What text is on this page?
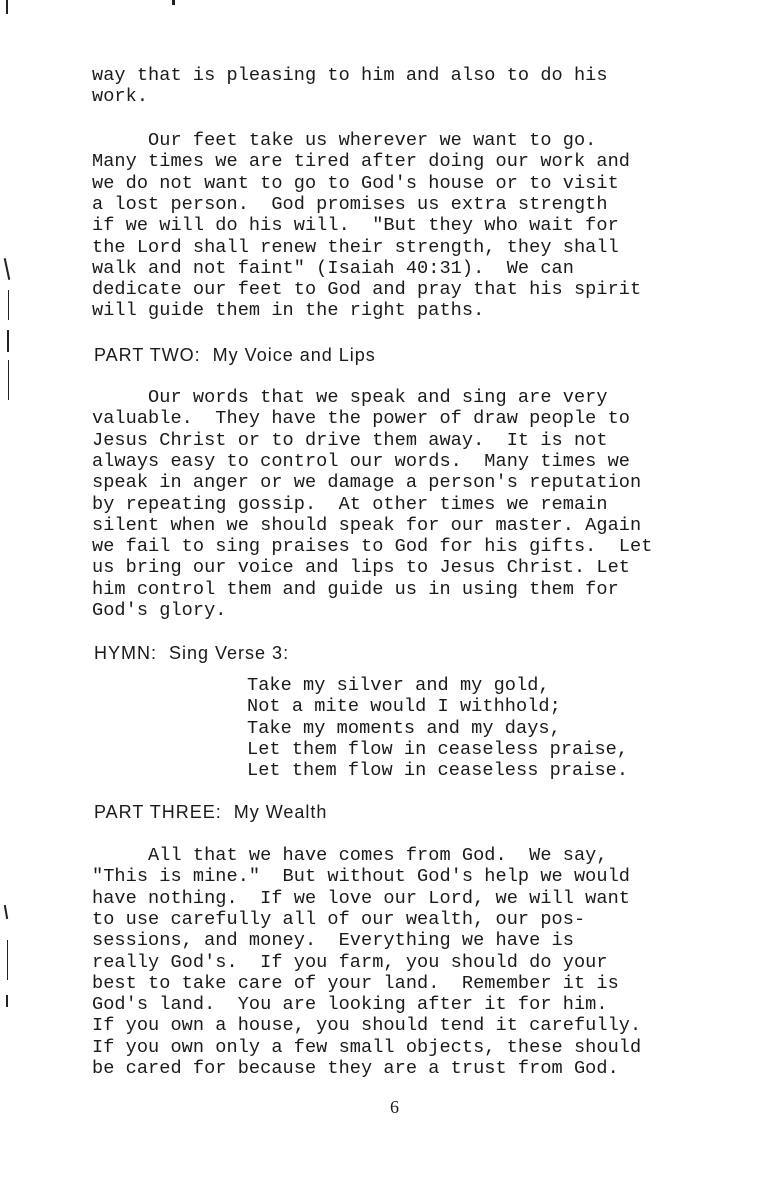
way that is pleasing to him and also to do his
work.
Our feet take us wherever we want to go.
Many times we are tired after doing our work and
we do not want to go to God's house or to visit
a lost person.  God promises us extra strength
if we will do his will.  "But they who wait for
the Lord shall renew their strength, they shall
walk and not faint" (Isaiah 40:31).  We can
dedicate our feet to God and pray that his spirit
will guide them in the right paths.
PART TWO:  My Voice and Lips
Our words that we speak and sing are very
valuable.  They have the power of draw people to
Jesus Christ or to drive them away.  It is not
always easy to control our words.  Many times we
speak in anger or we damage a person's reputation
by repeating gossip.  At other times we remain
silent when we should speak for our master. Again
we fail to sing praises to God for his gifts.  Let
us bring our voice and lips to Jesus Christ. Let
him control them and guide us in using them for
God's glory.
HYMN:  Sing Verse 3:
Take my silver and my gold,
Not a mite would I withhold;
Take my moments and my days,
Let them flow in ceaseless praise,
Let them flow in ceaseless praise.
PART THREE:  My Wealth
All that we have comes from God.  We say,
"This is mine."  But without God's help we would
have nothing.  If we love our Lord, we will want
to use carefully all of our wealth, our pos-
sessions, and money.  Everything we have is
really God's.  If you farm, you should do your
best to take care of your land.  Remember it is
God's land.  You are looking after it for him.
If you own a house, you should tend it carefully.
If you own only a few small objects, these should
be cared for because they are a trust from God.
6
